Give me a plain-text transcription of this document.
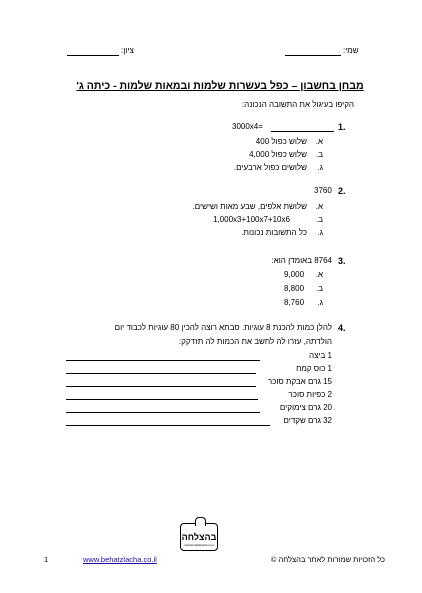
שמי:
ציון:
מבחן בחשבון – כפל בעשרות שלמות ובמאות שלמות - כיתה ג'
הקיפו בעיגול את התשובה הנכונה:
1.
3000x4=
א.
שלוש כפול 400
ב.
שלוש כפול 4,000
ג.
שלושים כפול ארבעים.
2.
3760
א.
שלושת אלפים, שבע מאות ושישים.
ב.
1,000x3+100x7+10x6
ג.
כל התשובות נכונות.
3.
8764 באומדן הוא:
א.
9,000
ב.
8,800
ג.
8,760
4.
להלן כמות להכנת 8 עוגיות. סבתא רוצה להכין 80 עוגיות לכבוד יום
הולדתה, עזרו לה לחשב את הכמות לה תזדקק:
1 ביצה
1 כוס קמח
15 גרם אבקת סוכר
2 כפיות סוכר
20 גרם צימוקים
32 גרם שקדים
בהצלחה
www.behatzlacha.co.il
1	www.behatzlacha.co.il	כל הזכויות שמורות לאתר בהצלחה ©
